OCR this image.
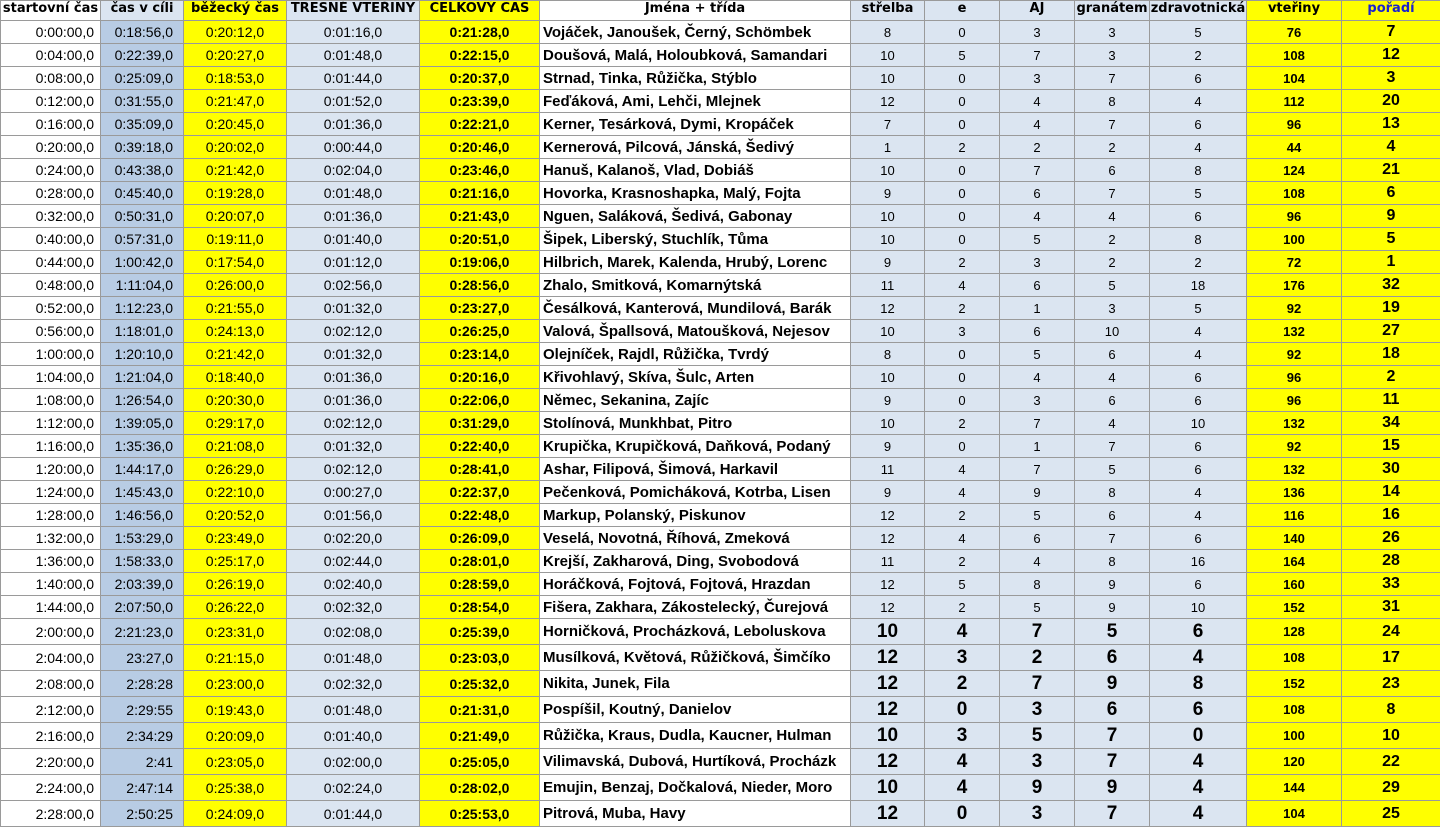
startovní čas	čas v cíli	běžecký čas	TRESNÉ VTEŘINY	CELKOVÝ ČAS	Jména + třída	střelba	e	AJ	granátem	zdravotnická	vteřiny	pořadí
0:00:00,0	0:18:56,0	0:20:12,0	0:01:16,0	0:21:28,0	Vojáček, Janoušek, Černý, Schömbek	8	0	3	3	5	76	7
0:04:00,0	0:22:39,0	0:20:27,0	0:01:48,0	0:22:15,0	Doušová, Malá, Holoubková, Samandari	10	5	7	3	2	108	12
0:08:00,0	0:25:09,0	0:18:53,0	0:01:44,0	0:20:37,0	Strnad, Tinka, Růžička, Stýblo	10	0	3	7	6	104	3
0:12:00,0	0:31:55,0	0:21:47,0	0:01:52,0	0:23:39,0	Feďáková, Ami, Lehči, Mlejnek	12	0	4	8	4	112	20
0:16:00,0	0:35:09,0	0:20:45,0	0:01:36,0	0:22:21,0	Kerner, Tesárková, Dymi, Kropáček	7	0	4	7	6	96	13
0:20:00,0	0:39:18,0	0:20:02,0	0:00:44,0	0:20:46,0	Kernerová, Pilcová, Jánská, Šedivý	1	2	2	2	4	44	4
0:24:00,0	0:43:38,0	0:21:42,0	0:02:04,0	0:23:46,0	Hanuš, Kalanoš, Vlad, Dobiáš	10	0	7	6	8	124	21
0:28:00,0	0:45:40,0	0:19:28,0	0:01:48,0	0:21:16,0	Hovorka, Krasnoshapka, Malý, Fojta	9	0	6	7	5	108	6
0:32:00,0	0:50:31,0	0:20:07,0	0:01:36,0	0:21:43,0	Nguen, Saláková, Šedivá, Gabonay	10	0	4	4	6	96	9
0:40:00,0	0:57:31,0	0:19:11,0	0:01:40,0	0:20:51,0	Šipek, Liberský, Stuchlík, Tůma	10	0	5	2	8	100	5
0:44:00,0	1:00:42,0	0:17:54,0	0:01:12,0	0:19:06,0	Hilbrich, Marek, Kalenda, Hrubý, Lorenc	9	2	3	2	2	72	1
0:48:00,0	1:11:04,0	0:26:00,0	0:02:56,0	0:28:56,0	Zhalo, Smitková, Komarnýtská	11	4	6	5	18	176	32
0:52:00,0	1:12:23,0	0:21:55,0	0:01:32,0	0:23:27,0	Česálková, Kanterová, Mundilová, Barák	12	2	1	3	5	92	19
0:56:00,0	1:18:01,0	0:24:13,0	0:02:12,0	0:26:25,0	Valová, Špallsová, Matoušková, Nejesov	10	3	6	10	4	132	27
1:00:00,0	1:20:10,0	0:21:42,0	0:01:32,0	0:23:14,0	Olejníček, Rajdl, Růžička, Tvrdý	8	0	5	6	4	92	18
1:04:00,0	1:21:04,0	0:18:40,0	0:01:36,0	0:20:16,0	Křivohlavý, Skíva, Šulc, Arten	10	0	4	4	6	96	2
1:08:00,0	1:26:54,0	0:20:30,0	0:01:36,0	0:22:06,0	Němec, Sekanina, Zajíc	9	0	3	6	6	96	11
1:12:00,0	1:39:05,0	0:29:17,0	0:02:12,0	0:31:29,0	Stolínová, Munkhbat, Pitro	10	2	7	4	10	132	34
1:16:00,0	1:35:36,0	0:21:08,0	0:01:32,0	0:22:40,0	Krupička, Krupičková, Daňková, Podaný	9	0	1	7	6	92	15
1:20:00,0	1:44:17,0	0:26:29,0	0:02:12,0	0:28:41,0	Ashar, Filipová, Šimová, Harkavil	11	4	7	5	6	132	30
1:24:00,0	1:45:43,0	0:22:10,0	0:00:27,0	0:22:37,0	Pečenková, Pomicháková, Kotrba, Lisen	9	4	9	8	4	136	14
1:28:00,0	1:46:56,0	0:20:52,0	0:01:56,0	0:22:48,0	Markup, Polanský, Piskunov	12	2	5	6	4	116	16
1:32:00,0	1:53:29,0	0:23:49,0	0:02:20,0	0:26:09,0	Veselá, Novotná, Říhová, Zmeková	12	4	6	7	6	140	26
1:36:00,0	1:58:33,0	0:25:17,0	0:02:44,0	0:28:01,0	Krejší, Zakharová, Ding, Svobodová	11	2	4	8	16	164	28
1:40:00,0	2:03:39,0	0:26:19,0	0:02:40,0	0:28:59,0	Horáčková, Fojtová, Fojtová, Hrazdan	12	5	8	9	6	160	33
1:44:00,0	2:07:50,0	0:26:22,0	0:02:32,0	0:28:54,0	Fišera, Zakhara, Zákostelecký, Čurejová	12	2	5	9	10	152	31
2:00:00,0	2:21:23,0	0:23:31,0	0:02:08,0	0:25:39,0	Horničková, Procházková, Leboluskova	10	4	7	5	6	128	24
2:04:00,0	23:27,0	0:21:15,0	0:01:48,0	0:23:03,0	Musílková, Květová, Růžičková, Šimčíko	12	3	2	6	4	108	17
2:08:00,0	2:28:28	0:23:00,0	0:02:32,0	0:25:32,0	Nikita, Junek, Fila	12	2	7	9	8	152	23
2:12:00,0	2:29:55	0:19:43,0	0:01:48,0	0:21:31,0	Pospíšil, Koutný, Danielov	12	0	3	6	6	108	8
2:16:00,0	2:34:29	0:20:09,0	0:01:40,0	0:21:49,0	Růžička, Kraus, Dudla, Kaucner, Hulman	10	3	5	7	0	100	10
2:20:00,0	2:41	0:23:05,0	0:02:00,0	0:25:05,0	Vilimavská, Dubová, Hurtíková, Procházk	12	4	3	7	4	120	22
2:24:00,0	2:47:14	0:25:38,0	0:02:24,0	0:28:02,0	Emujin, Benzaj, Dočkalová, Nieder, Moro	10	4	9	9	4	144	29
2:28:00,0	2:50:25	0:24:09,0	0:01:44,0	0:25:53,0	Pitrová, Muba, Havy	12	0	3	7	4	104	25
